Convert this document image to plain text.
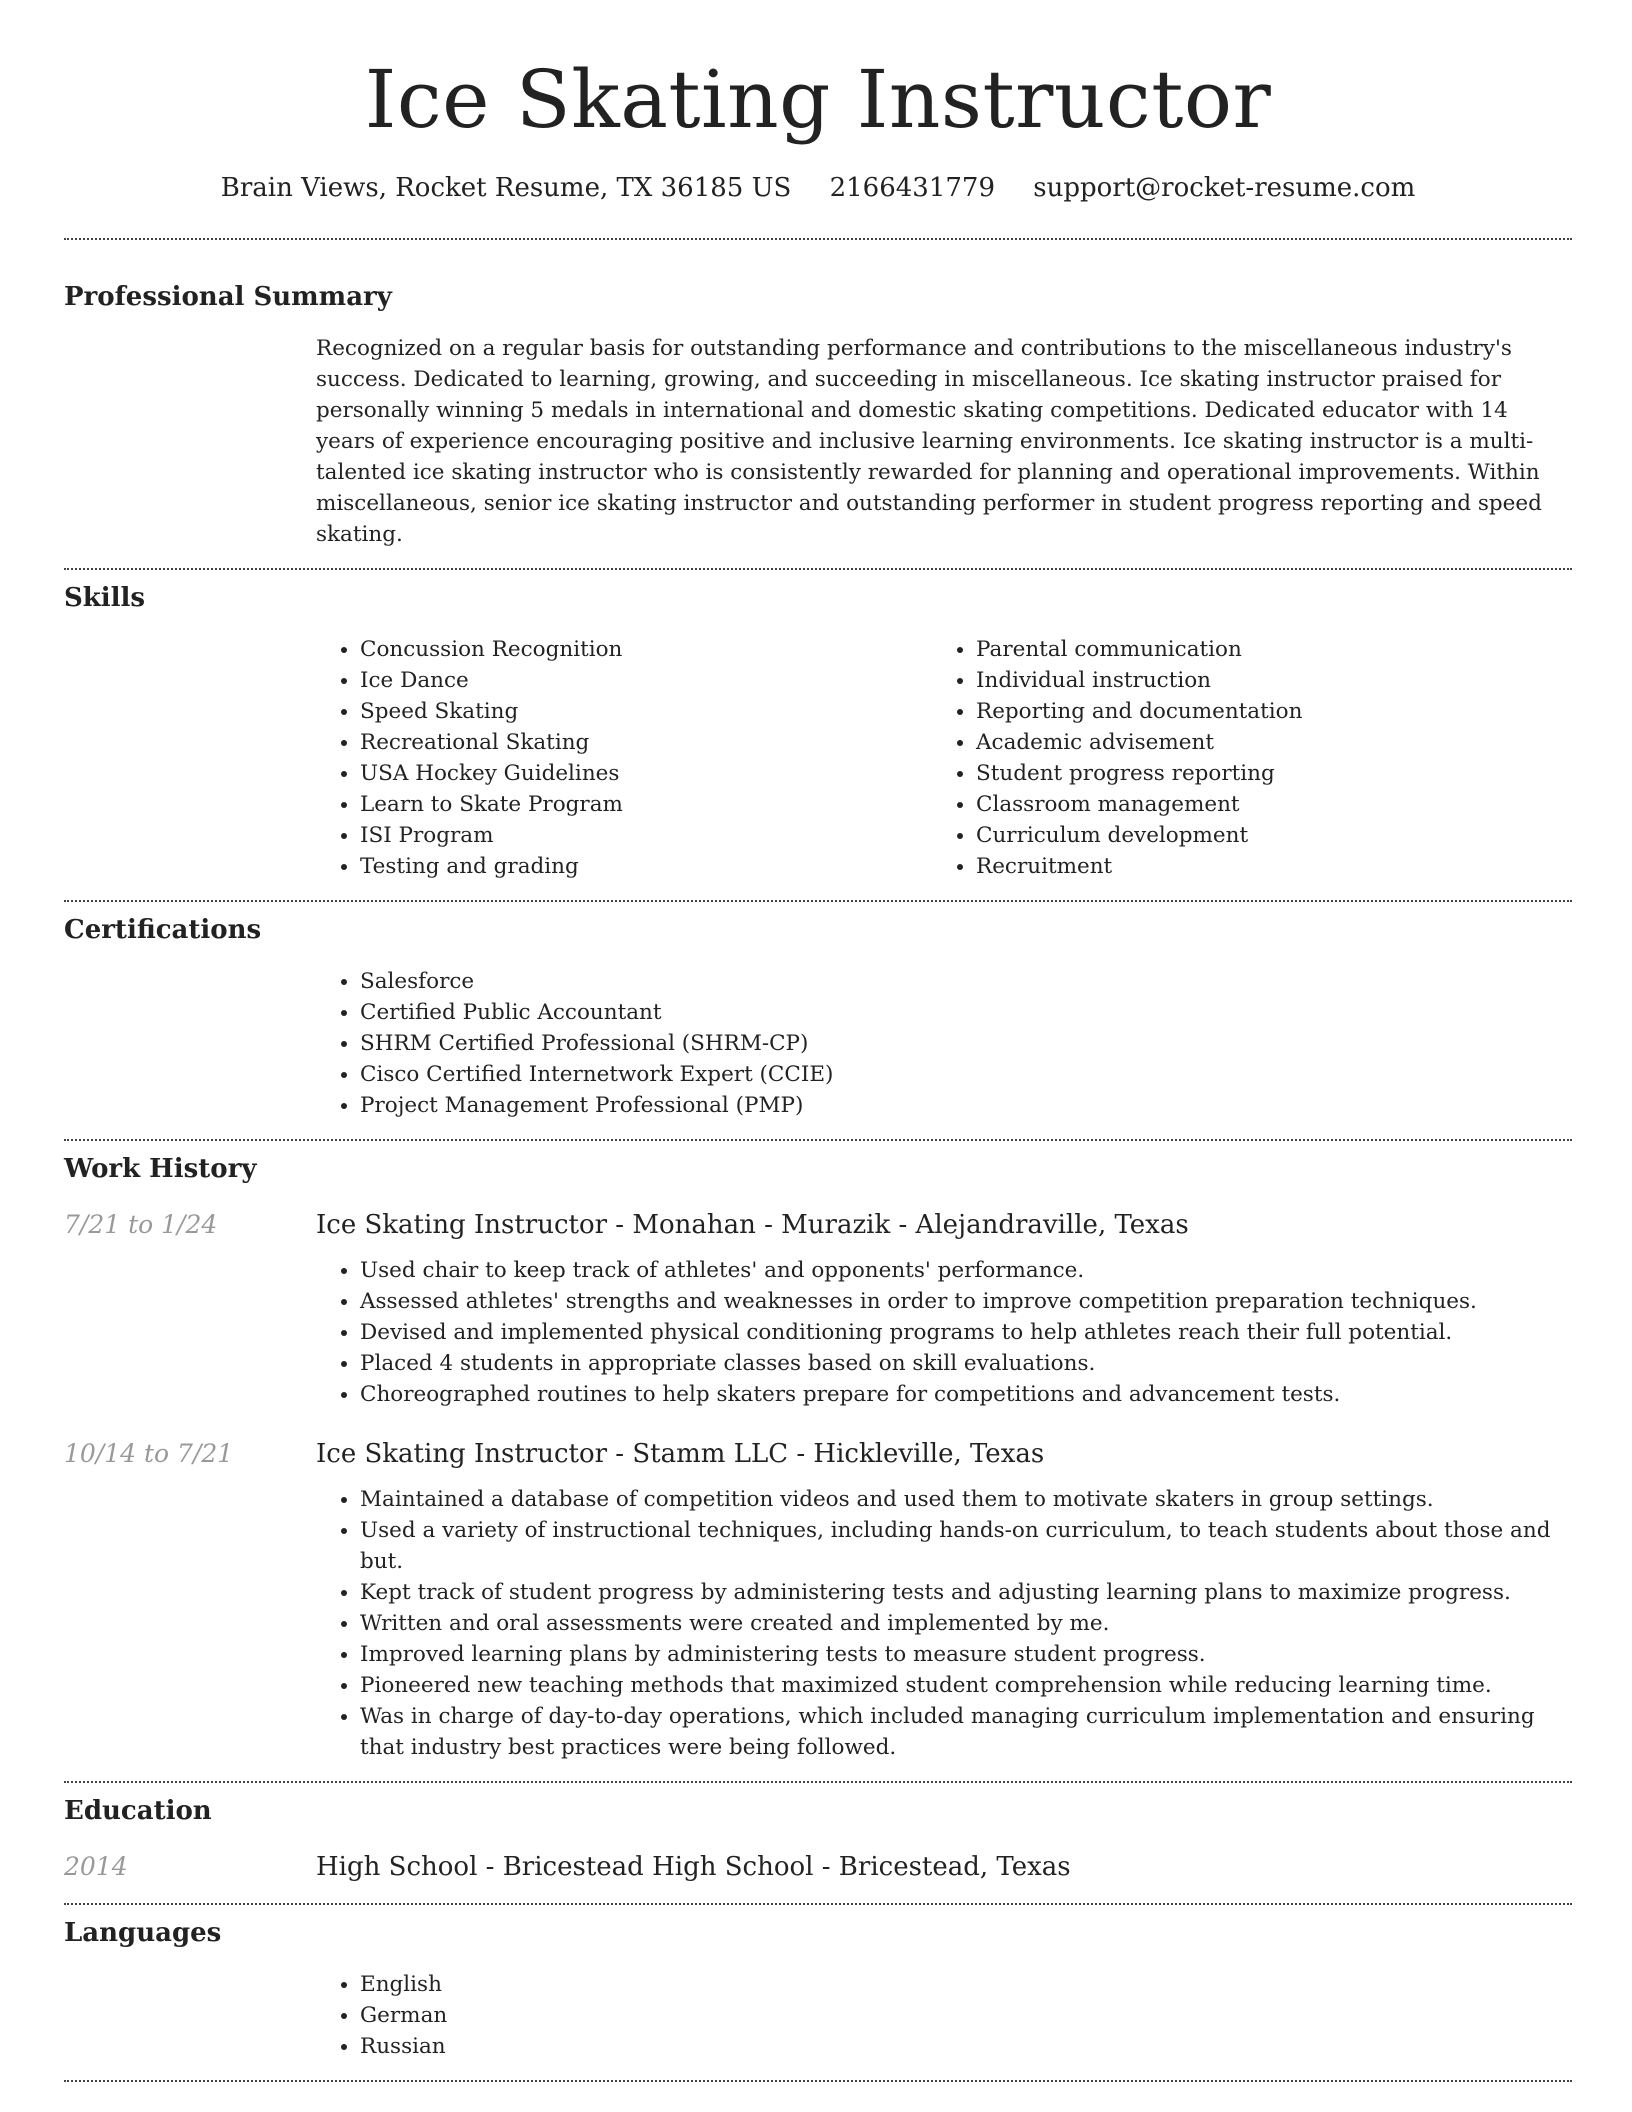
Ice Skating Instructor
Brain Views, Rocket Resume, TX 36185 US 2166431779 support@rocket-resume.com
Professional Summary
Recognized on a regular basis for outstanding performance and contributions to the miscellaneous industry's success. Dedicated to learning, growing, and succeeding in miscellaneous. Ice skating instructor praised for personally winning 5 medals in international and domestic skating competitions. Dedicated educator with 14 years of experience encouraging positive and inclusive learning environments. Ice skating instructor is a multi-talented ice skating instructor who is consistently rewarded for planning and operational improvements. Within miscellaneous, senior ice skating instructor and outstanding performer in student progress reporting and speed skating.
Skills
• Concussion Recognition
• Ice Dance
• Speed Skating
• Recreational Skating
• USA Hockey Guidelines
• Learn to Skate Program
• ISI Program
• Testing and grading
• Parental communication
• Individual instruction
• Reporting and documentation
• Academic advisement
• Student progress reporting
• Classroom management
• Curriculum development
• Recruitment
Certifications
• Salesforce
• Certified Public Accountant
• SHRM Certified Professional (SHRM-CP)
• Cisco Certified Internetwork Expert (CCIE)
• Project Management Professional (PMP)
Work History
7/21 to 1/24	Ice Skating Instructor - Monahan - Murazik - Alejandraville, Texas
• Used chair to keep track of athletes' and opponents' performance.
• Assessed athletes' strengths and weaknesses in order to improve competition preparation techniques.
• Devised and implemented physical conditioning programs to help athletes reach their full potential.
• Placed 4 students in appropriate classes based on skill evaluations.
• Choreographed routines to help skaters prepare for competitions and advancement tests.
10/14 to 7/21	Ice Skating Instructor - Stamm LLC - Hickleville, Texas
• Maintained a database of competition videos and used them to motivate skaters in group settings.
• Used a variety of instructional techniques, including hands-on curriculum, to teach students about those and but.
• Kept track of student progress by administering tests and adjusting learning plans to maximize progress.
• Written and oral assessments were created and implemented by me.
• Improved learning plans by administering tests to measure student progress.
• Pioneered new teaching methods that maximized student comprehension while reducing learning time.
• Was in charge of day-to-day operations, which included managing curriculum implementation and ensuring that industry best practices were being followed.
Education
2014	High School - Bricestead High School - Bricestead, Texas
Languages
• English
• German
• Russian
